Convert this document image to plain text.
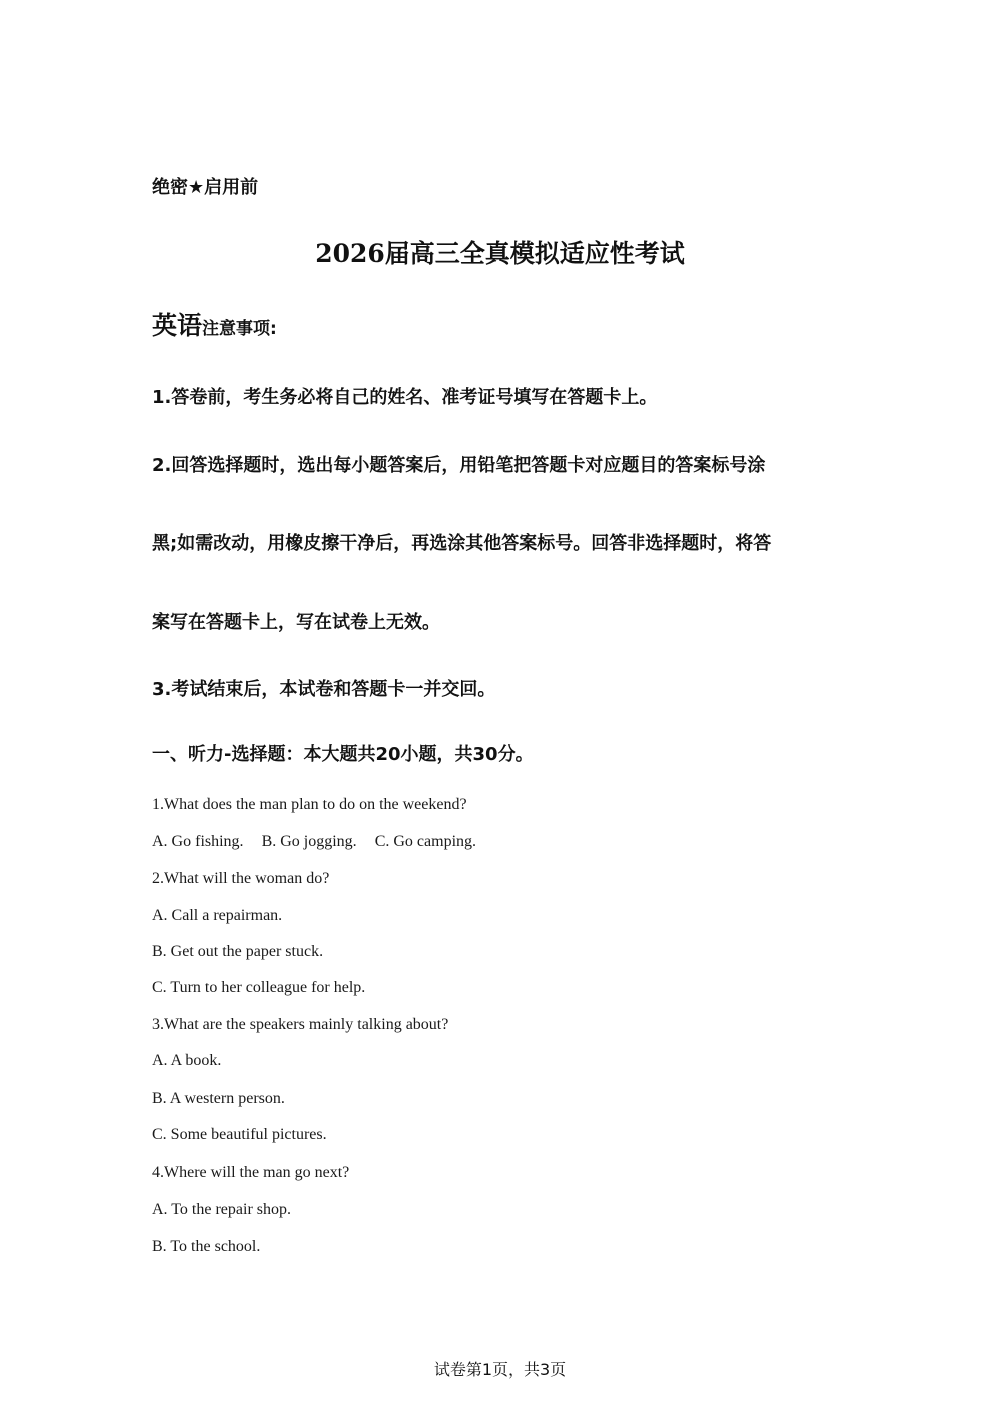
绝密★启用前
2026届高三全真模拟适应性考试
英语注意事项:
1.答卷前，考生务必将自己的姓名、准考证号填写在答题卡上。
2.回答选择题时，选出每小题答案后，用铅笔把答题卡对应题目的答案标号涂
黑;如需改动，用橡皮擦干净后，再选涂其他答案标号。回答非选择题时，将答
案写在答题卡上，写在试卷上无效。
3.考试结束后，本试卷和答题卡一并交回。
一、听力-选择题：本大题共20小题，共30分。
1.What does the man plan to do on the weekend?
A. Go fishing. B. Go jogging. C. Go camping.
2.What will the woman do?
A. Call a repairman.
B. Get out the paper stuck.
C. Turn to her colleague for help.
3.What are the speakers mainly talking about?
A. A book.
B. A western person.
C. Some beautiful pictures.
4.Where will the man go next?
A. To the repair shop.
B. To the school.
试卷第1页，共3页
